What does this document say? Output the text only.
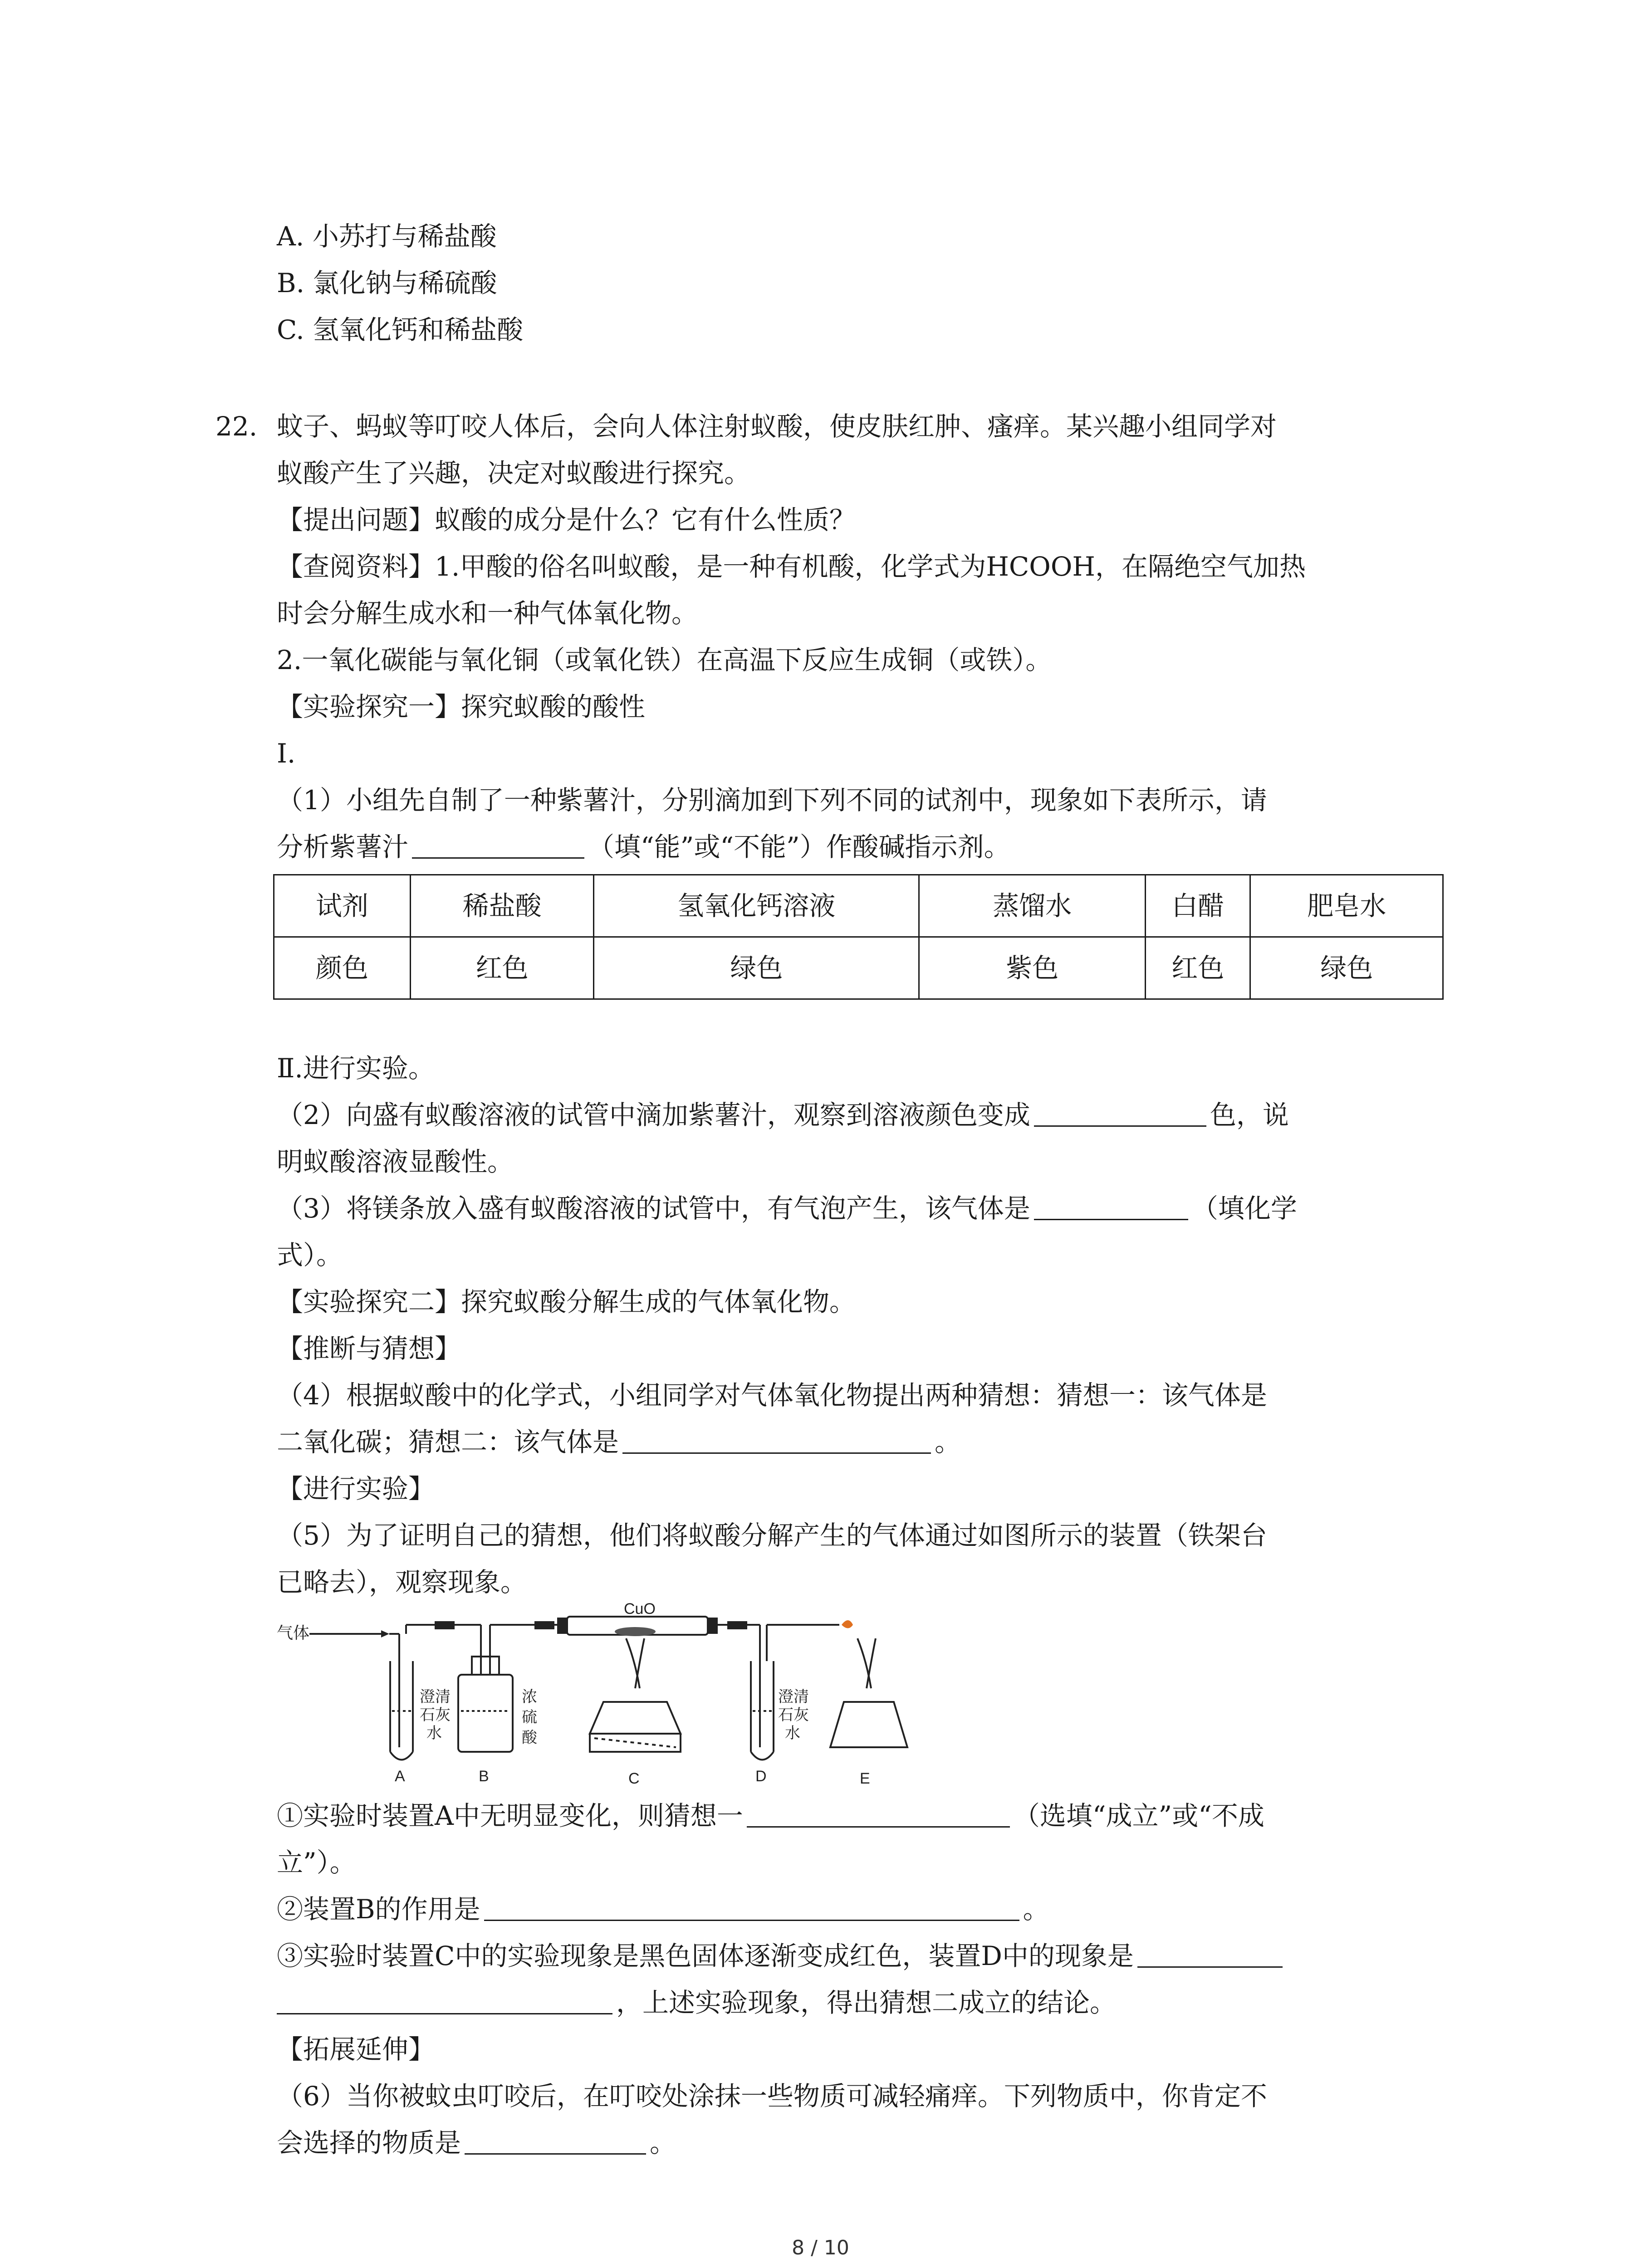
A. 小苏打与稀盐酸
B. 氯化钠与稀硫酸
C. 氢氧化钙和稀盐酸
22. 蚊子、蚂蚁等叮咬人体后，会向人体注射蚁酸，使皮肤红肿、瘙痒。某兴趣小组同学对
蚁酸产生了兴趣，决定对蚁酸进行探究。
【提出问题】蚁酸的成分是什么？它有什么性质？
【查阅资料】1.甲酸的俗名叫蚁酸，是一种有机酸，化学式为HCOOH，在隔绝空气加热
时会分解生成水和一种气体氧化物。
2.一氧化碳能与氧化铜（或氧化铁）在高温下反应生成铜（或铁）。
【实验探究一】探究蚁酸的酸性
Ⅰ.
（1）小组先自制了一种紫薯汁，分别滴加到下列不同的试剂中，现象如下表所示，请
分析紫薯汁	（填“能”或“不能”）作酸碱指示剂。
试剂	稀盐酸	氢氧化钙溶液	蒸馏水	白醋	肥皂水
颜色	红色	绿色	紫色	红色	绿色
Ⅱ.进行实验。
（2）向盛有蚁酸溶液的试管中滴加紫薯汁，观察到溶液颜色变成	色，说
明蚁酸溶液显酸性。
（3）将镁条放入盛有蚁酸溶液的试管中，有气泡产生，该气体是	（填化学
式）。
【实验探究二】探究蚁酸分解生成的气体氧化物。
【推断与猜想】
（4）根据蚁酸中的化学式，小组同学对气体氧化物提出两种猜想：猜想一：该气体是
二氧化碳；猜想二：该气体是	。
【进行实验】
（5）为了证明自己的猜想，他们将蚁酸分解产生的气体通过如图所示的装置（铁架台
已略去），观察现象。
气体
澄清
石灰
水
A
浓
硫
酸
B
CuO
C
澄清
石灰
水
D	E
①实验时装置A中无明显变化，则猜想一	（选填“成立”或“不成
立”）。
②装置B的作用是	。
③实验时装置C中的实验现象是黑色固体逐渐变成红色，装置D中的现象是
，上述实验现象，得出猜想二成立的结论。
【拓展延伸】
（6）当你被蚊虫叮咬后，在叮咬处涂抹一些物质可减轻痛痒。下列物质中，你肯定不
会选择的物质是	。
8 / 10
